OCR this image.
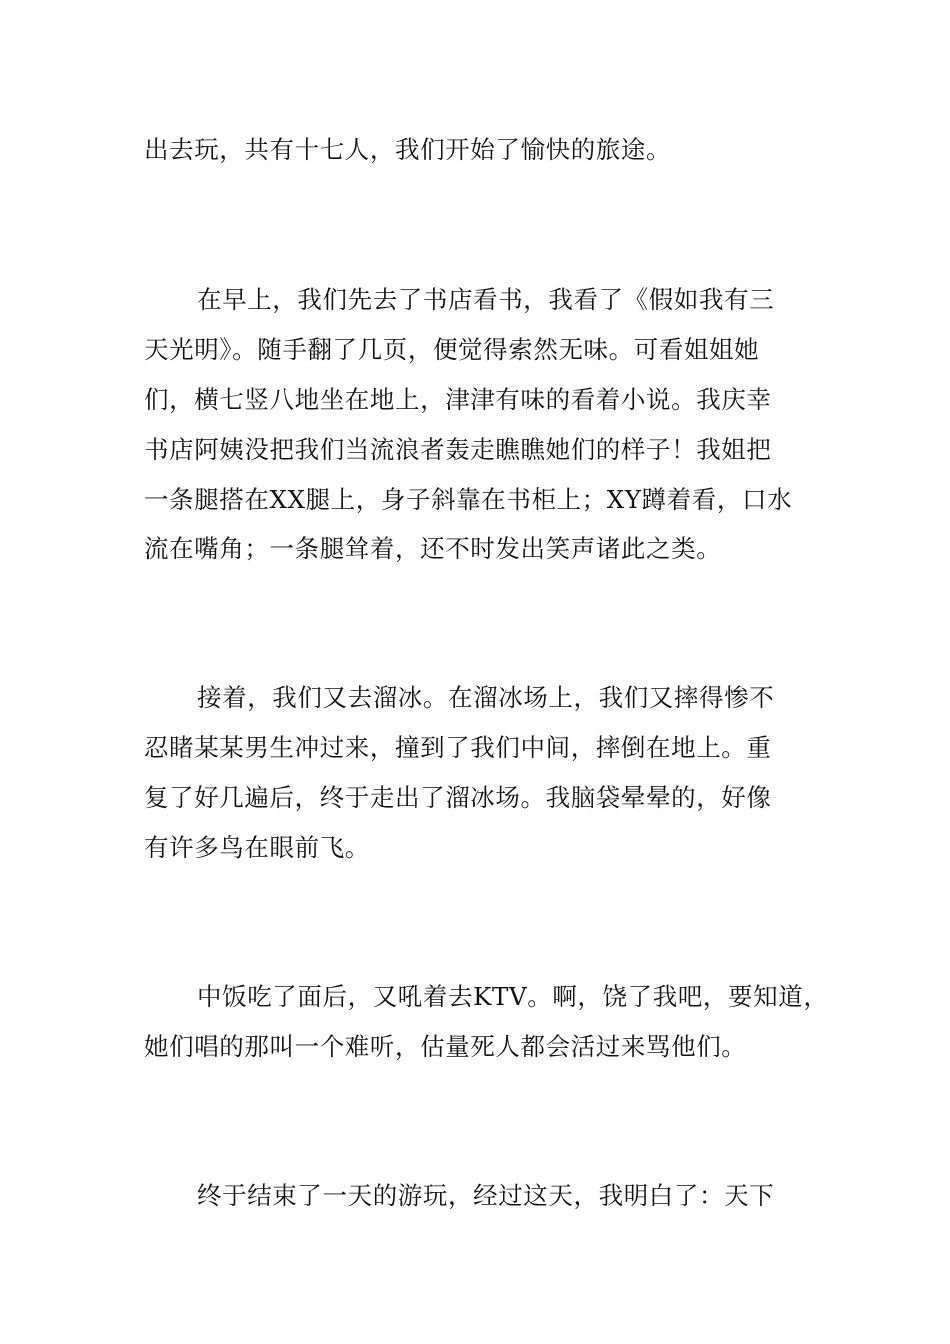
出去玩，共有十七人，我们开始了愉快的旅途。
在早上，我们先去了书店看书，我看了《假如我有三
天光明》。随手翻了几页，便觉得索然无味。可看姐姐她
们，横七竖八地坐在地上，津津有味的看着小说。我庆幸
书店阿姨没把我们当流浪者轰走瞧瞧她们的样子！我姐把
一条腿搭在XX腿上，身子斜靠在书柜上；XY蹲着看，口水
流在嘴角；一条腿耸着，还不时发出笑声诸此之类。
接着，我们又去溜冰。在溜冰场上，我们又摔得惨不
忍睹某某男生冲过来，撞到了我们中间，摔倒在地上。重
复了好几遍后，终于走出了溜冰场。我脑袋晕晕的，好像
有许多鸟在眼前飞。
中饭吃了面后，又吼着去KTV。啊，饶了我吧，要知道，
她们唱的那叫一个难听，估量死人都会活过来骂他们。
终于结束了一天的游玩，经过这天，我明白了：天下
